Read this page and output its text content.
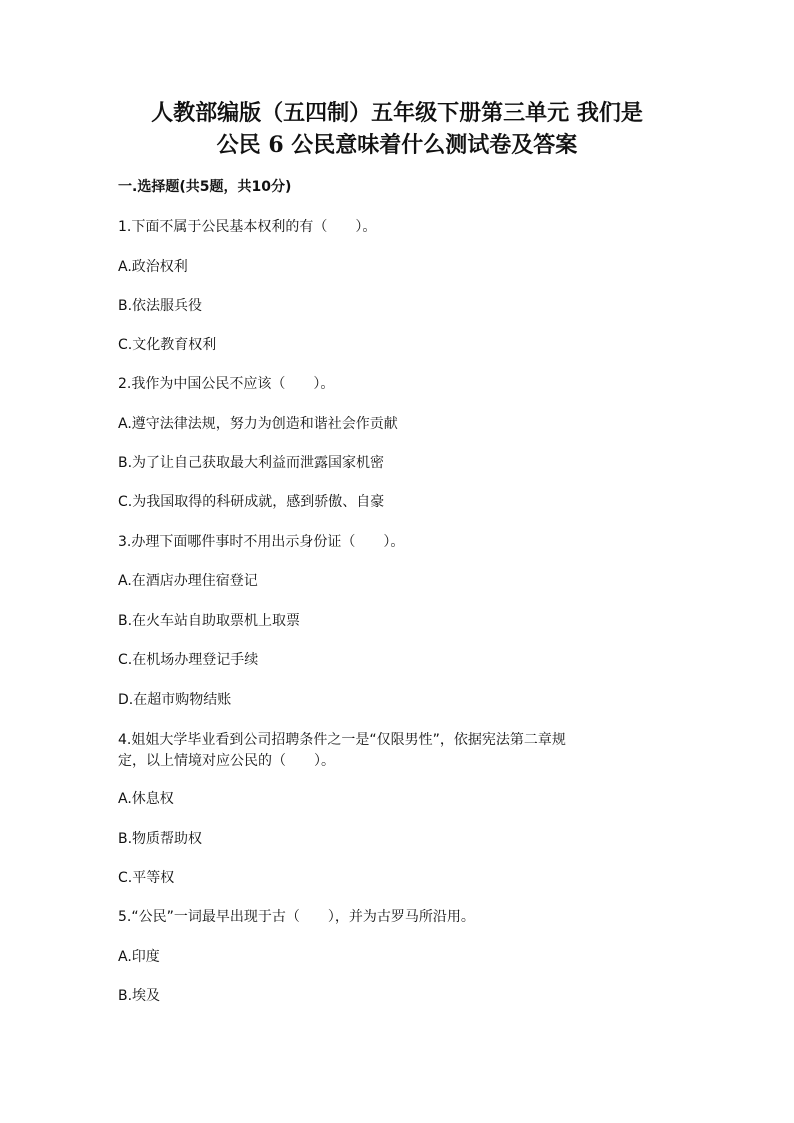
人教部编版（五四制）五年级下册第三单元 我们是
公民 6 公民意味着什么测试卷及答案

一.选择题(共5题，共10分)

1.下面不属于公民基本权利的有（　　）。

A.政治权利

B.依法服兵役

C.文化教育权利

2.我作为中国公民不应该（　　）。

A.遵守法律法规，努力为创造和谐社会作贡献

B.为了让自己获取最大利益而泄露国家机密

C.为我国取得的科研成就，感到骄傲、自豪

3.办理下面哪件事时不用出示身份证（　　）。

A.在酒店办理住宿登记

B.在火车站自助取票机上取票

C.在机场办理登记手续

D.在超市购物结账

4.姐姐大学毕业看到公司招聘条件之一是“仅限男性”，依据宪法第二章规

定，以上情境对应公民的（　　）。

A.休息权

B.物质帮助权

C.平等权

5.“公民”一词最早出现于古（　　），并为古罗马所沿用。

A.印度

B.埃及
